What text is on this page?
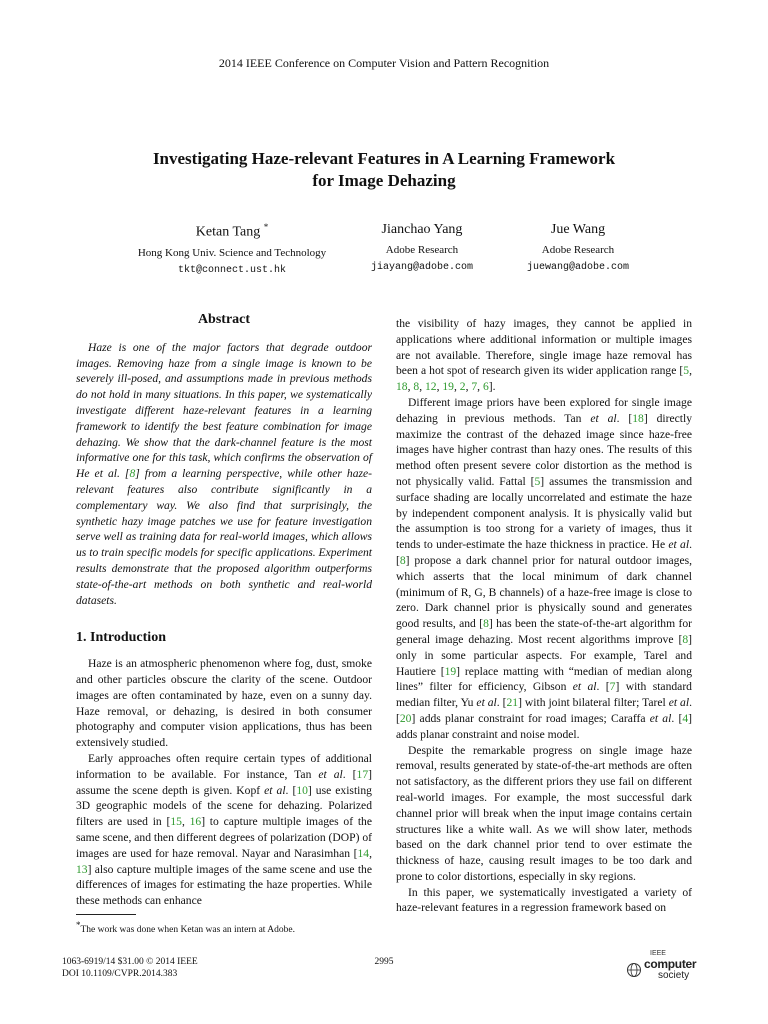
2014 IEEE Conference on Computer Vision and Pattern Recognition
Investigating Haze-relevant Features in A Learning Framework
for Image Dehazing
Ketan Tang *
Hong Kong Univ. Science and Technology
tkt@connect.ust.hk
Jianchao Yang
Adobe Research
jiayang@adobe.com
Jue Wang
Adobe Research
juewang@adobe.com
Abstract

Haze is one of the major factors that degrade outdoor images. Removing haze from a single image is known to be severely ill-posed, and assumptions made in previous methods do not hold in many situations. In this paper, we systematically investigate different haze-relevant features in a learning framework to identify the best feature combination for image dehazing. We show that the dark-channel feature is the most informative one for this task, which confirms the observation of He et al. [8] from a learning perspective, while other haze-relevant features also contribute significantly in a complementary way. We also find that surprisingly, the synthetic hazy image patches we use for feature investigation serve well as training data for real-world images, which allows us to train specific models for specific applications. Experiment results demonstrate that the proposed algorithm outperforms state-of-the-art methods on both synthetic and real-world datasets.

1. Introduction

Haze is an atmospheric phenomenon where fog, dust, smoke and other particles obscure the clarity of the scene. Outdoor images are often contaminated by haze, even on a sunny day. Haze removal, or dehazing, is desired in both consumer photography and computer vision applications, thus has been extensively studied.

Early approaches often require certain types of additional information to be available. For instance, Tan et al. [17] assume the scene depth is given. Kopf et al. [10] use existing 3D geographic models of the scene for dehazing. Polarized filters are used in [15, 16] to capture multiple images of the same scene, and then different degrees of polarization (DOP) of images are used for haze removal. Nayar and Narasimhan [14, 13] also capture multiple images of the same scene and use the differences of images for estimating the haze properties. While these methods can enhance

the visibility of hazy images, they cannot be applied in applications where additional information or multiple images are not available. Therefore, single image haze removal has been a hot spot of research given its wider application range [5, 18, 8, 12, 19, 2, 7, 6].

Different image priors have been explored for single image dehazing in previous methods. Tan et al. [18] directly maximize the contrast of the dehazed image since haze-free images have higher contrast than hazy ones. The results of this method often present severe color distortion as the method is not physically valid. Fattal [5] assumes the transmission and surface shading are locally uncorrelated and estimate the haze by independent component analysis. It is physically valid but the assumption is too strong for a variety of images, thus it tends to under-estimate the haze thickness in practice. He et al. [8] propose a dark channel prior for natural outdoor images, which asserts that the local minimum of dark channel (minimum of R, G, B channels) of a haze-free image is close to zero. Dark channel prior is physically sound and generates good results, and [8] has been the state-of-the-art algorithm for general image dehazing. Most recent algorithms improve [8] only in some particular aspects. For example, Tarel and Hautiere [19] replace matting with “median of median along lines” filter for efficiency, Gibson et al. [7] with standard median filter, Yu et al. [21] with joint bilateral filter; Tarel et al. [20] adds planar constraint for road images; Caraffa et al. [4] adds planar constraint and noise model.

Despite the remarkable progress on single image haze removal, results generated by state-of-the-art methods are often not satisfactory, as the different priors they use fail on different real-world images. For example, the most successful dark channel prior will break when the input image contains certain structures like a white wall. As we will show later, methods based on the dark channel prior tend to over estimate the thickness of haze, causing result images to be too dark and prone to color distortions, especially in sky regions.

In this paper, we systematically investigated a variety of haze-relevant features in a regression framework based on

*The work was done when Ketan was an intern at Adobe.
1063-6919/14 $31.00 © 2014 IEEE
DOI 10.1109/CVPR.2014.383
2995
IEEE
computer
society
